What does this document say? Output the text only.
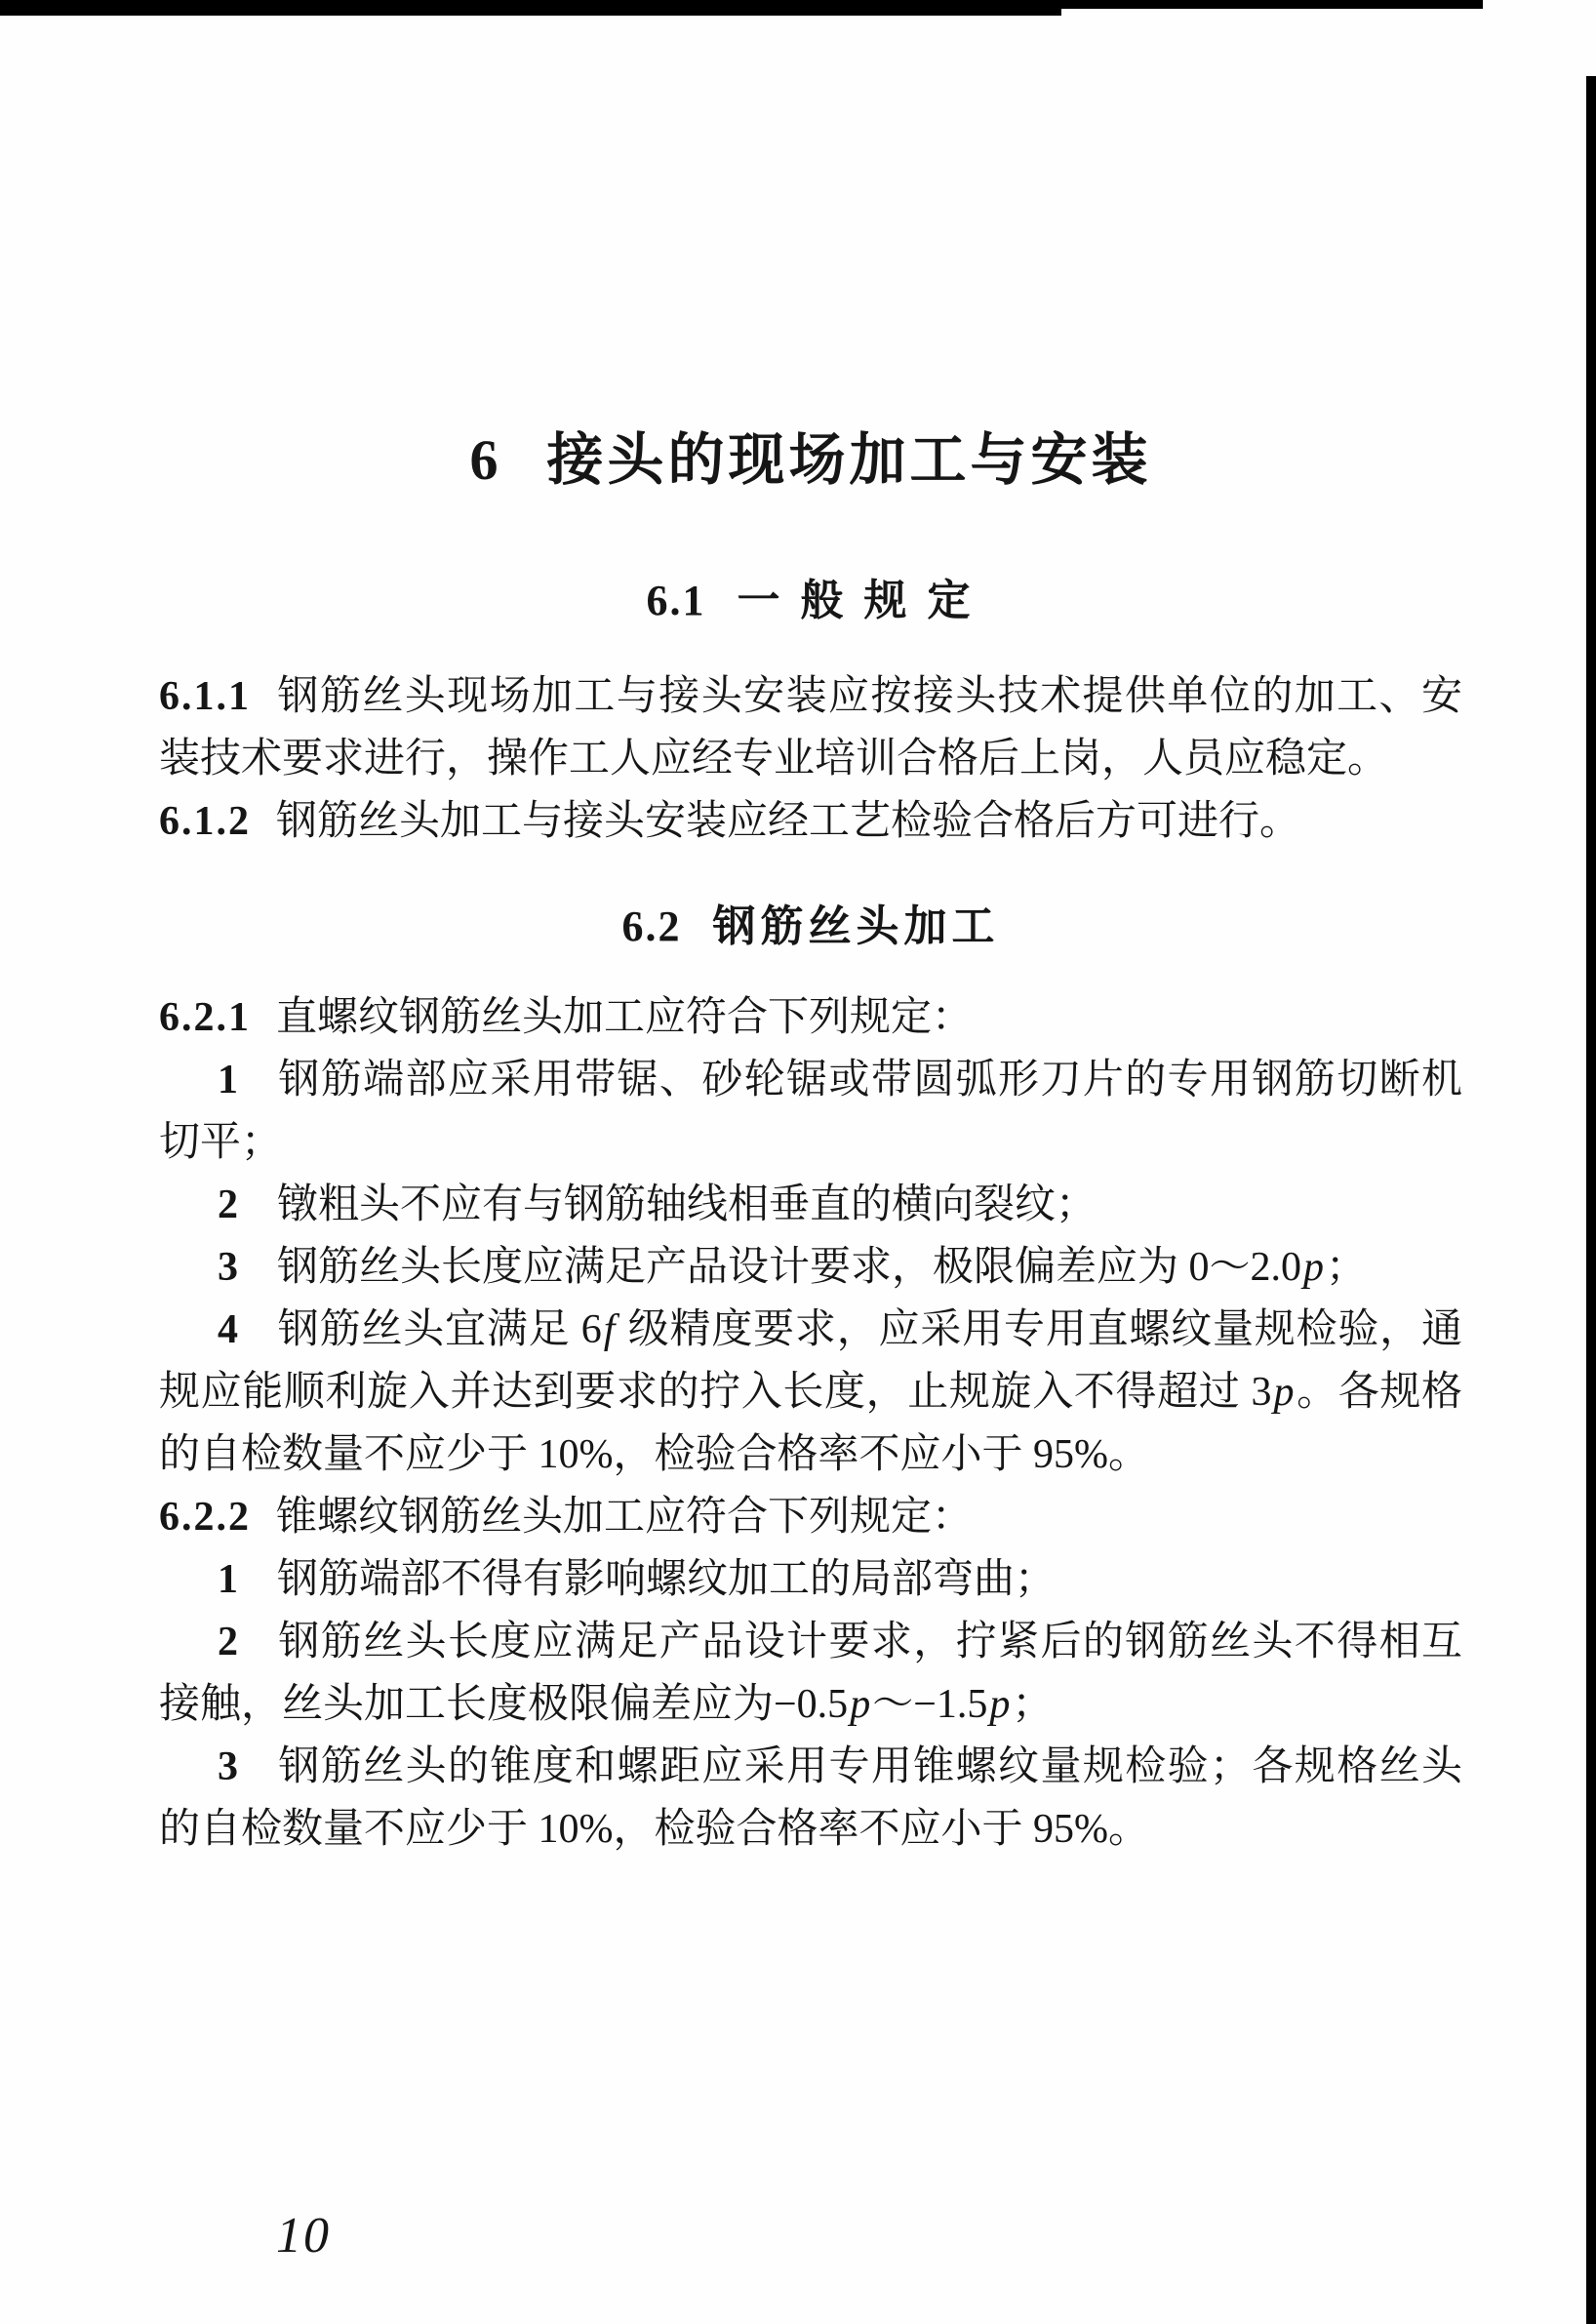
6 接头的现场加工与安装
6.1 一 般 规 定

6.1.1 钢筋丝头现场加工与接头安装应按接头技术提供单位的加工、安装技术要求进行，操作工人应经专业培训合格后上岗，人员应稳定。

6.1.2 钢筋丝头加工与接头安装应经工艺检验合格后方可进行。

6.2 钢筋丝头加工

6.2.1 直螺纹钢筋丝头加工应符合下列规定：

1 钢筋端部应采用带锯、砂轮锯或带圆弧形刀片的专用钢筋切断机切平；

2 镦粗头不应有与钢筋轴线相垂直的横向裂纹；

3 钢筋丝头长度应满足产品设计要求，极限偏差应为 0～2.0p；

4 钢筋丝头宜满足 6f 级精度要求，应采用专用直螺纹量规检验，通规应能顺利旋入并达到要求的拧入长度，止规旋入不得超过 3p。各规格的自检数量不应少于 10%，检验合格率不应小于 95%。

6.2.2 锥螺纹钢筋丝头加工应符合下列规定：

1 钢筋端部不得有影响螺纹加工的局部弯曲；

2 钢筋丝头长度应满足产品设计要求，拧紧后的钢筋丝头不得相互接触，丝头加工长度极限偏差应为−0.5p～−1.5p；

3 钢筋丝头的锥度和螺距应采用专用锥螺纹量规检验；各规格丝头的自检数量不应少于 10%，检验合格率不应小于 95%。

10
